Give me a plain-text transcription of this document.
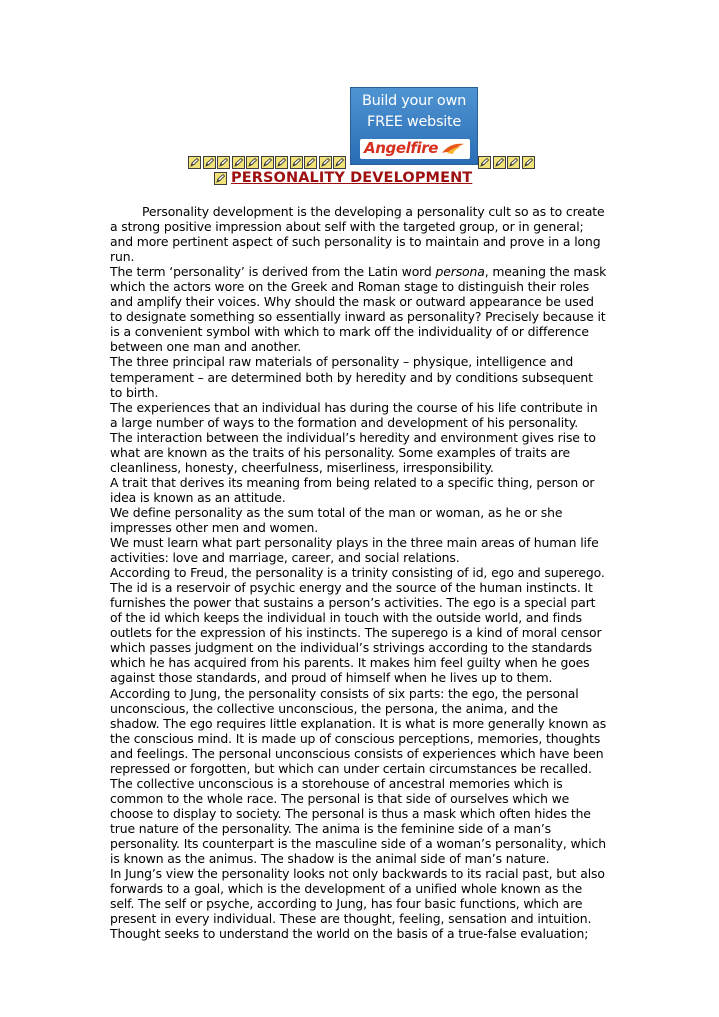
Build your own
FREE website
Angelfire
PERSONALITY DEVELOPMENT

Personality development is the developing a personality cult so as to create a strong positive impression about self with the targeted group, or in general; and more pertinent aspect of such personality is to maintain and prove in a long run.

The term ‘personality’ is derived from the Latin word persona, meaning the mask which the actors wore on the Greek and Roman stage to distinguish their roles and amplify their voices. Why should the mask or outward appearance be used to designate something so essentially inward as personality? Precisely because it is a convenient symbol with which to mark off the individuality of or difference between one man and another.

The three principal raw materials of personality – physique, intelligence and temperament – are determined both by heredity and by conditions subsequent to birth.

The experiences that an individual has during the course of his life contribute in a large number of ways to the formation and development of his personality.

The interaction between the individual’s heredity and environment gives rise to what are known as the traits of his personality. Some examples of traits are cleanliness, honesty, cheerfulness, miserliness, irresponsibility.

A trait that derives its meaning from being related to a specific thing, person or idea is known as an attitude.

We define personality as the sum total of the man or woman, as he or she impresses other men and women.

We must learn what part personality plays in the three main areas of human life activities: love and marriage, career, and social relations.

According to Freud, the personality is a trinity consisting of id, ego and superego. The id is a reservoir of psychic energy and the source of the human instincts. It furnishes the power that sustains a person’s activities. The ego is a special part of the id which keeps the individual in touch with the outside world, and finds outlets for the expression of his instincts. The superego is a kind of moral censor which passes judgment on the individual’s strivings according to the standards which he has acquired from his parents. It makes him feel guilty when he goes against those standards, and proud of himself when he lives up to them.

According to Jung, the personality consists of six parts: the ego, the personal unconscious, the collective unconscious, the persona, the anima, and the shadow. The ego requires little explanation. It is what is more generally known as the conscious mind. It is made up of conscious perceptions, memories, thoughts and feelings. The personal unconscious consists of experiences which have been repressed or forgotten, but which can under certain circumstances be recalled. The collective unconscious is a storehouse of ancestral memories which is common to the whole race. The personal is that side of ourselves which we choose to display to society. The personal is thus a mask which often hides the true nature of the personality. The anima is the feminine side of a man’s personality. Its counterpart is the masculine side of a woman’s personality, which is known as the animus. The shadow is the animal side of man’s nature.

In Jung’s view the personality looks not only backwards to its racial past, but also forwards to a goal, which is the development of a unified whole known as the self. The self or psyche, according to Jung, has four basic functions, which are present in every individual. These are thought, feeling, sensation and intuition. Thought seeks to understand the world on the basis of a true-false evaluation;
